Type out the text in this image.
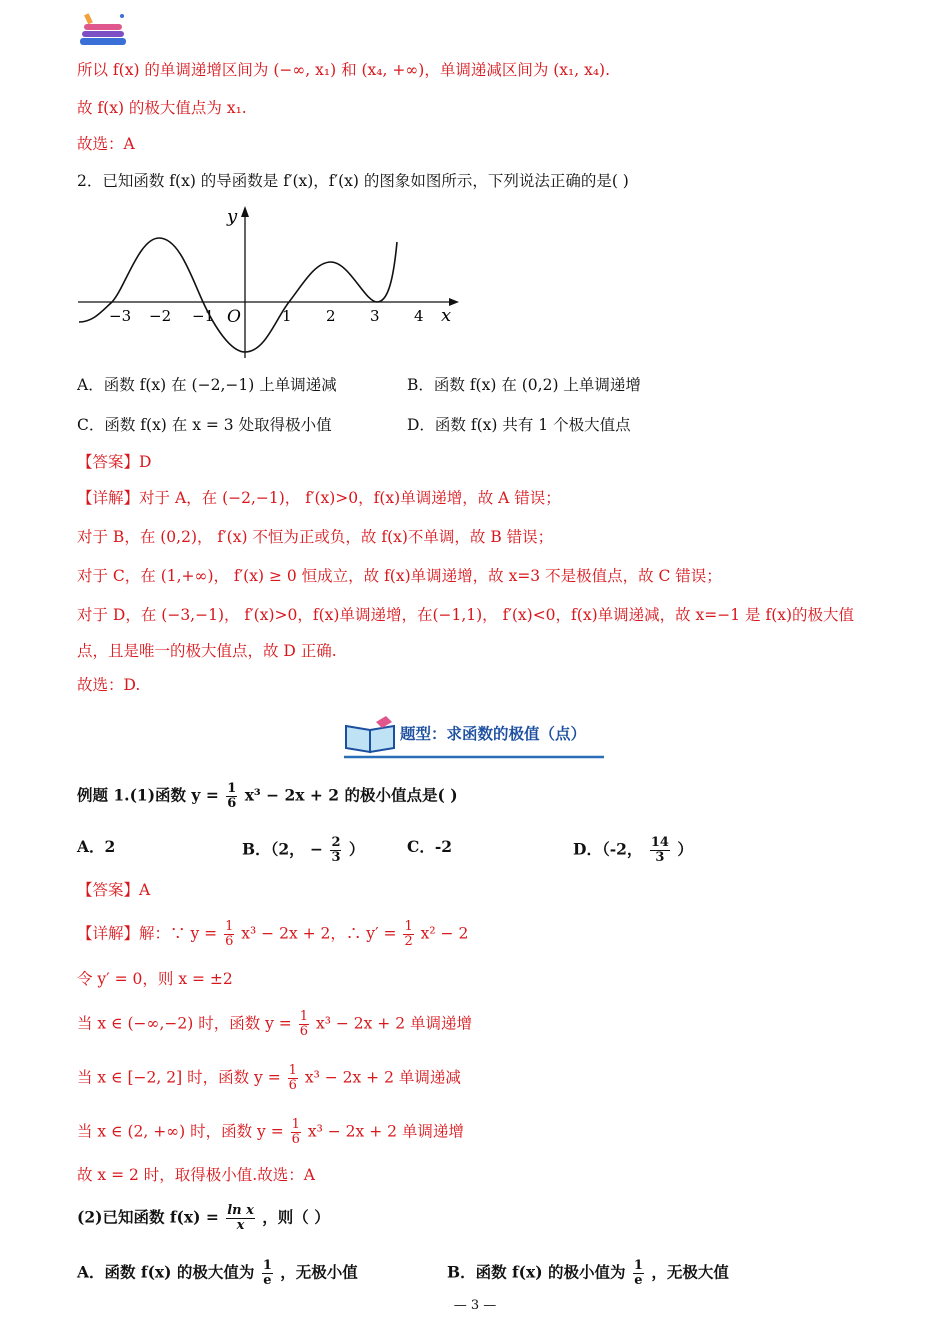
所以 f(x) 的单调递增区间为 (−∞, x₁) 和 (x₄, +∞)，单调递减区间为 (x₁, x₄).
故 f(x) 的极大值点为 x₁.
故选：A
2．已知函数 f(x) 的导函数是 f′(x)，f′(x) 的图象如图所示，下列说法正确的是( )
y
x
O
−3 −2 −1	1 2 3 4
A．函数 f(x) 在 (−2,−1) 上单调递减	B．函数 f(x) 在 (0,2) 上单调递增
C．函数 f(x) 在 x = 3 处取得极小值	D．函数 f(x) 共有 1 个极大值点
【答案】D
【详解】对于 A，在 (−2,−1)， f′(x)>0，f(x)单调递增，故 A 错误；
对于 B，在 (0,2)， f′(x) 不恒为正或负，故 f(x)不单调，故 B 错误；
对于 C，在 (1,+∞)， f′(x) ≥ 0 恒成立，故 f(x)单调递增，故 x=3 不是极值点，故 C 错误；
对于 D，在 (−3,−1)， f′(x)>0，f(x)单调递增，在(−1,1)， f′(x)<0，f(x)单调递减，故 x=−1 是 f(x)的极大值
点，且是唯一的极大值点，故 D 正确.
故选：D.
题型：求函数的极值（点）
例题 1.(1)函数 $y = \frac{1}{6} x^3 - 2x + 2$ 的极小值点是( )
A．2	B．（2， − $\frac{2}{3}$ ）	C．-2	D．（-2， $\frac{14}{3}$ ）
【答案】A
【详解】解：∵ $y = \frac{1}{6} x^3 - 2x + 2$，∴ $y' = \frac{1}{2} x^2 - 2$
令 y′ = 0，则 x = ±2
当 x ∈ (−∞,−2) 时，函数 $y = \frac{1}{6} x^3 - 2x + 2$ 单调递增
当 x ∈ [−2, 2] 时，函数 $y = \frac{1}{6} x^3 - 2x + 2$ 单调递减
当 x ∈ (2, +∞) 时，函数 $y = \frac{1}{6} x^3 - 2x + 2$ 单调递增
故 x = 2 时，取得极小值.故选：A
(2)已知函数 $f(x) = \frac{\text{ln x}}{x}$ ，则（ ）
A．函数 f(x) 的极大值为 $\frac{1}{e}$ ，无极小值	B．函数 f(x) 的极小值为 $\frac{1}{e}$ ，无极大值
— 3 —
